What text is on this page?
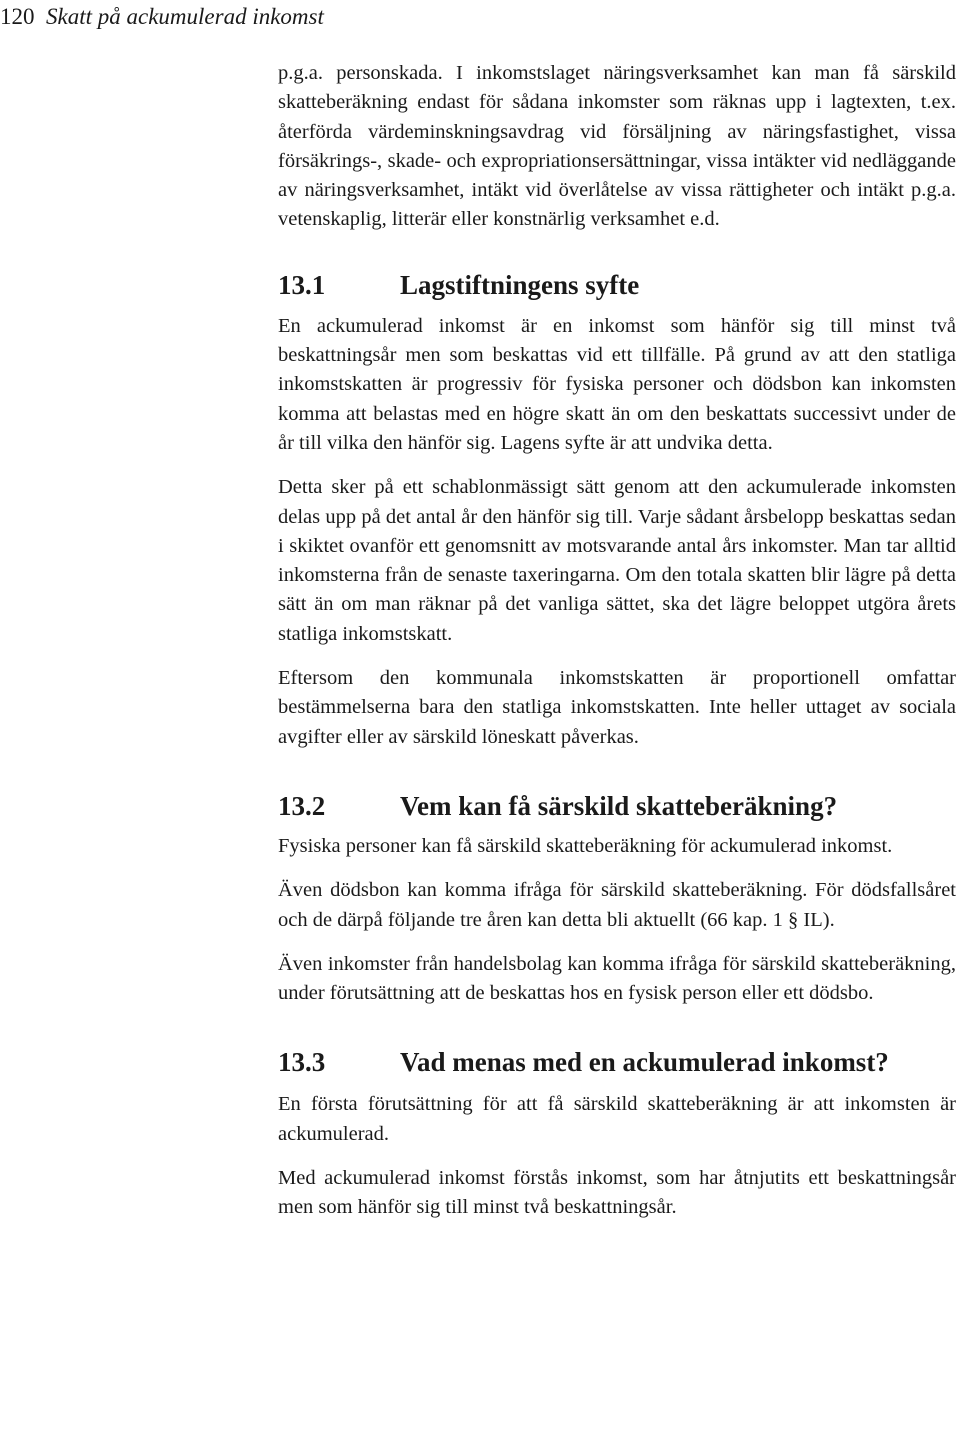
120 Skatt på ackumulerad inkomst

p.g.a. personskada. I inkomstslaget näringsverksamhet kan man få särskild skatteberäkning endast för sådana inkomster som räknas upp i lagtexten, t.ex. återförda värdeminskningsavdrag vid försäljning av näringsfastighet, vissa försäkrings-, skade- och expropriationsersättningar, vissa intäkter vid nedläggande av näringsverksamhet, intäkt vid överlåtelse av vissa rättigheter och intäkt p.g.a. vetenskaplig, litterär eller konstnärlig verksamhet e.d.

13.1	Lagstiftningens syfte

En ackumulerad inkomst är en inkomst som hänför sig till minst två beskattningsår men som beskattas vid ett tillfälle. På grund av att den statliga inkomstskatten är progressiv för fysiska personer och dödsbon kan inkomsten komma att belastas med en högre skatt än om den beskattats successivt under de år till vilka den hänför sig. Lagens syfte är att undvika detta.

Detta sker på ett schablonmässigt sätt genom att den ackumulerade inkomsten delas upp på det antal år den hänför sig till. Varje sådant årsbelopp beskattas sedan i skiktet ovanför ett genomsnitt av motsvarande antal års inkomster. Man tar alltid inkomsterna från de senaste taxeringarna. Om den totala skatten blir lägre på detta sätt än om man räknar på det vanliga sättet, ska det lägre beloppet utgöra årets statliga inkomstskatt.

Eftersom den kommunala inkomstskatten är proportionell omfattar bestämmelserna bara den statliga inkomstskatten. Inte heller uttaget av sociala avgifter eller av särskild löneskatt påverkas.

13.2	Vem kan få särskild skatteberäkning?

Fysiska personer kan få särskild skatteberäkning för ackumulerad inkomst.

Även dödsbon kan komma ifråga för särskild skatteberäkning. För dödsfallsåret och de därpå följande tre åren kan detta bli aktuellt (66 kap. 1 § IL).

Även inkomster från handelsbolag kan komma ifråga för särskild skatteberäkning, under förutsättning att de beskattas hos en fysisk person eller ett dödsbo.

13.3	Vad menas med en ackumulerad inkomst?

En första förutsättning för att få särskild skatteberäkning är att inkomsten är ackumulerad.

Med ackumulerad inkomst förstås inkomst, som har åtnjutits ett beskattningsår men som hänför sig till minst två beskattningsår.
